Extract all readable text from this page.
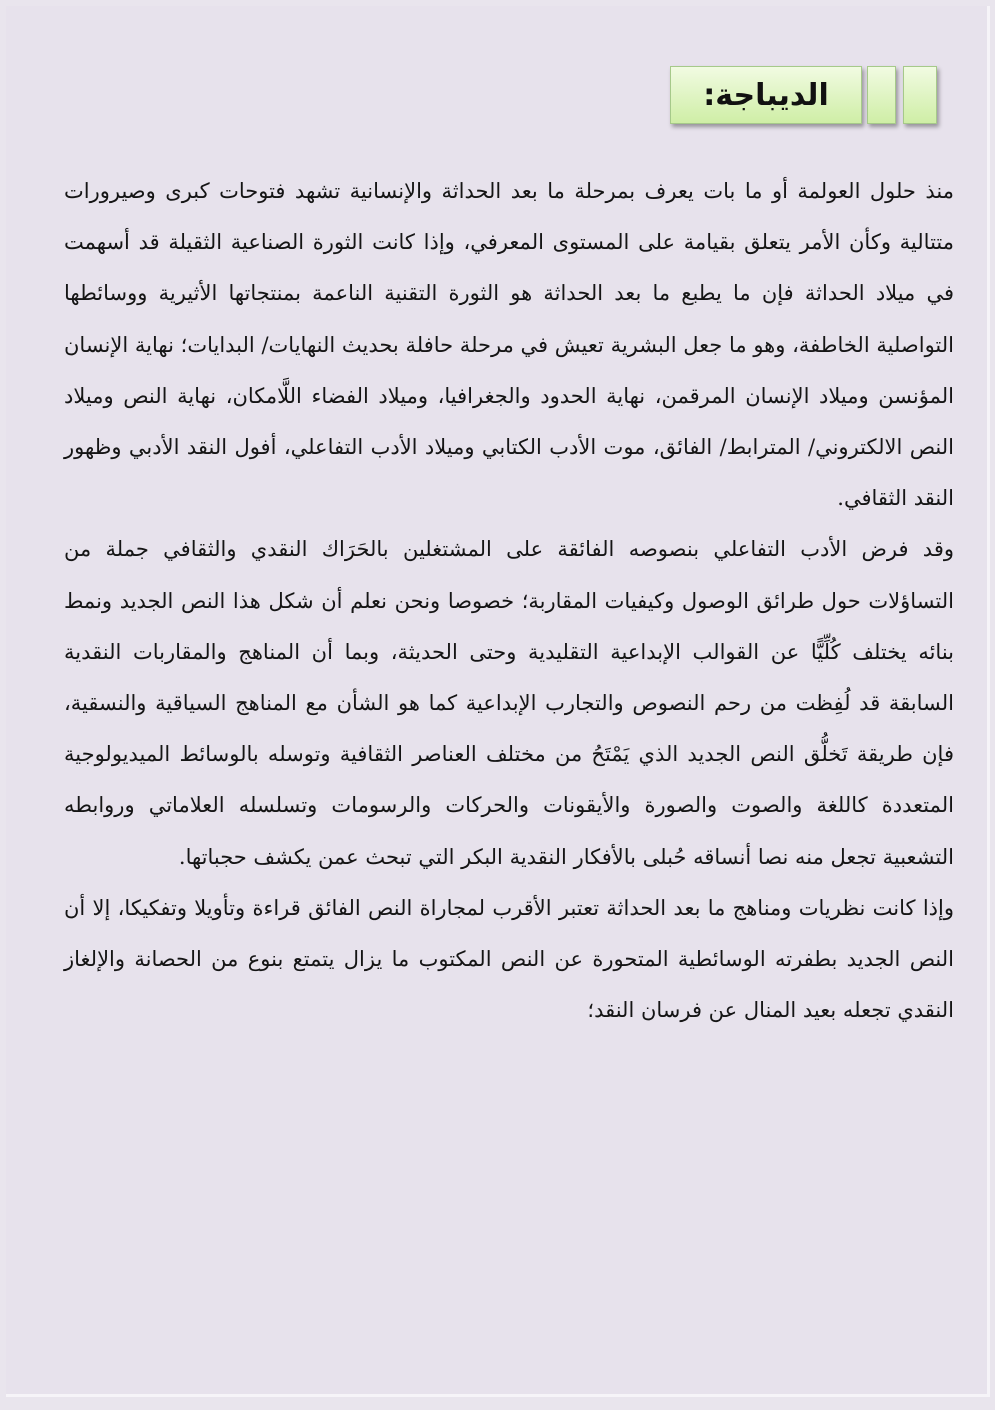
الديباجة:

منذ حلول العولمة أو ما بات يعرف بمرحلة ما بعد الحداثة والإنسانية تشهد فتوحات كبرى وصيرورات متتالية وكأن الأمر يتعلق بقيامة على المستوى المعرفي، وإذا كانت الثورة الصناعية الثقيلة قد أسهمت في ميلاد الحداثة فإن ما يطبع ما بعد الحداثة هو الثورة التقنية الناعمة بمنتجاتها الأثيرية ووسائطها التواصلية الخاطفة، وهو ما جعل البشرية تعيش في مرحلة حافلة بحديث النهايات/ البدايات؛ نهاية الإنسان المؤنسن وميلاد الإنسان المرقمن، نهاية الحدود والجغرافيا، وميلاد الفضاء اللَّامكان، نهاية النص وميلاد النص الالكتروني/ المترابط/ الفائق، موت الأدب الكتابي وميلاد الأدب التفاعلي، أفول النقد الأدبي وظهور النقد الثقافي.

وقد فرض الأدب التفاعلي بنصوصه الفائقة على المشتغلين بالحَرَاك النقدي والثقافي جملة من التساؤلات حول طرائق الوصول وكيفيات المقاربة؛ خصوصا ونحن نعلم أن شكل هذا النص الجديد ونمط بنائه يختلف كُلِّيًّا عن القوالب الإبداعية التقليدية وحتى الحديثة، وبما أن المناهج والمقاربات النقدية السابقة قد لُفِظت من رحم النصوص والتجارب الإبداعية كما هو الشأن مع المناهج السياقية والنسقية، فإن طريقة تَخلُّق النص الجديد الذي يَمْتَحُ من مختلف العناصر الثقافية وتوسله بالوسائط الميديولوجية المتعددة كاللغة والصوت والصورة والأيقونات والحركات والرسومات وتسلسله العلاماتي وروابطه التشعبية تجعل منه نصا أنساقه حُبلى بالأفكار النقدية البكر التي تبحث عمن يكشف حجباتها.

وإذا كانت نظريات ومناهج ما بعد الحداثة تعتبر الأقرب لمجاراة النص الفائق قراءة وتأويلا وتفكيكا، إلا أن النص الجديد بطفرته الوسائطية المتحورة عن النص المكتوب ما يزال يتمتع بنوع من الحصانة والإلغاز النقدي تجعله بعيد المنال عن فرسان النقد؛
